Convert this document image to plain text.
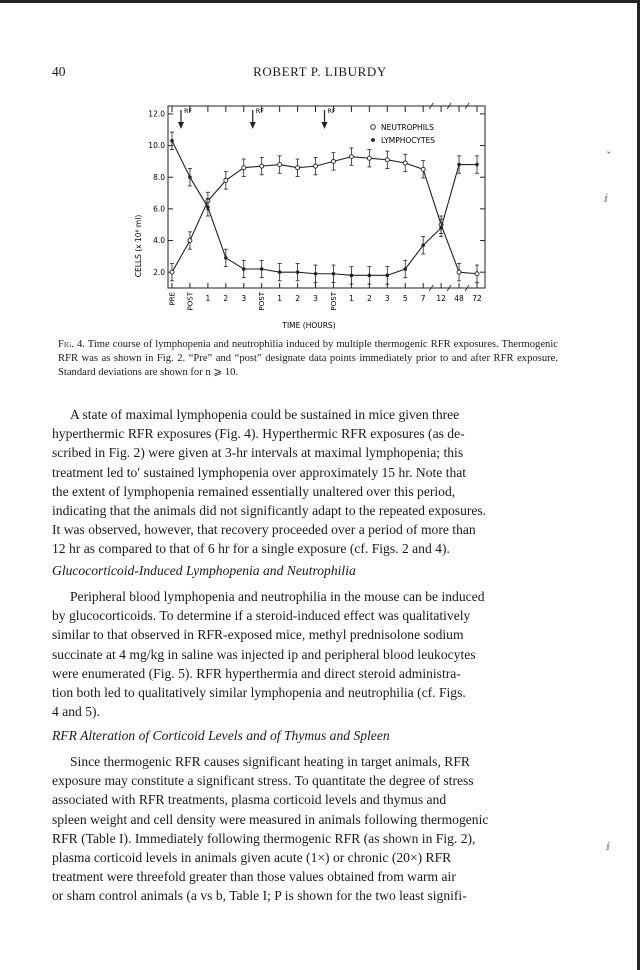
40	ROBERT P. LIBURDY
2.0
4.0
6.0
8.0
10.0
12.0
PRE POST 1 2 3 POST 1 2 3 POST 1 2 3 5 7 12 48 72
RF	RF	RF
NEUTROPHILS
LYMPHOCYTES
CELLS (x 10⁶ ml)
TIME (HOURS)
Fig. 4. Time course of lymphopenia and neutrophilia induced by multiple thermogenic RFR exposures. Thermogenic RFR was as shown in Fig. 2. “Pre” and “post” designate data points immediately prior to and after RFR exposure. Standard deviations are shown for n ⩾ 10.
A state of maximal lymphopenia could be sustained in mice given three
hyperthermic RFR exposures (Fig. 4). Hyperthermic RFR exposures (as de-
scribed in Fig. 2) were given at 3-hr intervals at maximal lymphopenia; this
treatment led to′ sustained lymphopenia over approximately 15 hr. Note that
the extent of lymphopenia remained essentially unaltered over this period,
indicating that the animals did not significantly adapt to the repeated exposures.
It was observed, however, that recovery proceeded over a period of more than
12 hr as compared to that of 6 hr for a single exposure (cf. Figs. 2 and 4).
Glucocorticoid-Induced Lymphopenia and Neutrophilia
Peripheral blood lymphopenia and neutrophilia in the mouse can be induced
by glucocorticoids. To determine if a steroid-induced effect was qualitatively
similar to that observed in RFR-exposed mice, methyl prednisolone sodium
succinate at 4 mg/kg in saline was injected ip and peripheral blood leukocytes
were enumerated (Fig. 5). RFR hyperthermia and direct steroid administra-
tion both led to qualitatively similar lymphopenia and neutrophilia (cf. Figs.
4 and 5).
RFR Alteration of Corticoid Levels and of Thymus and Spleen
Since thermogenic RFR causes significant heating in target animals, RFR
exposure may constitute a significant stress. To quantitate the degree of stress
associated with RFR treatments, plasma corticoid levels and thymus and
spleen weight and cell density were measured in animals following thermogenic
RFR (Table I). Immediately following thermogenic RFR (as shown in Fig. 2),
plasma corticoid levels in animals given acute (1×) or chronic (20×) RFR
treatment were threefold greater than those values obtained from warm air
or sham control animals (a vs b, Table I; P is shown for the two least signifi-
ˇ
ⅈ
ⅈ
